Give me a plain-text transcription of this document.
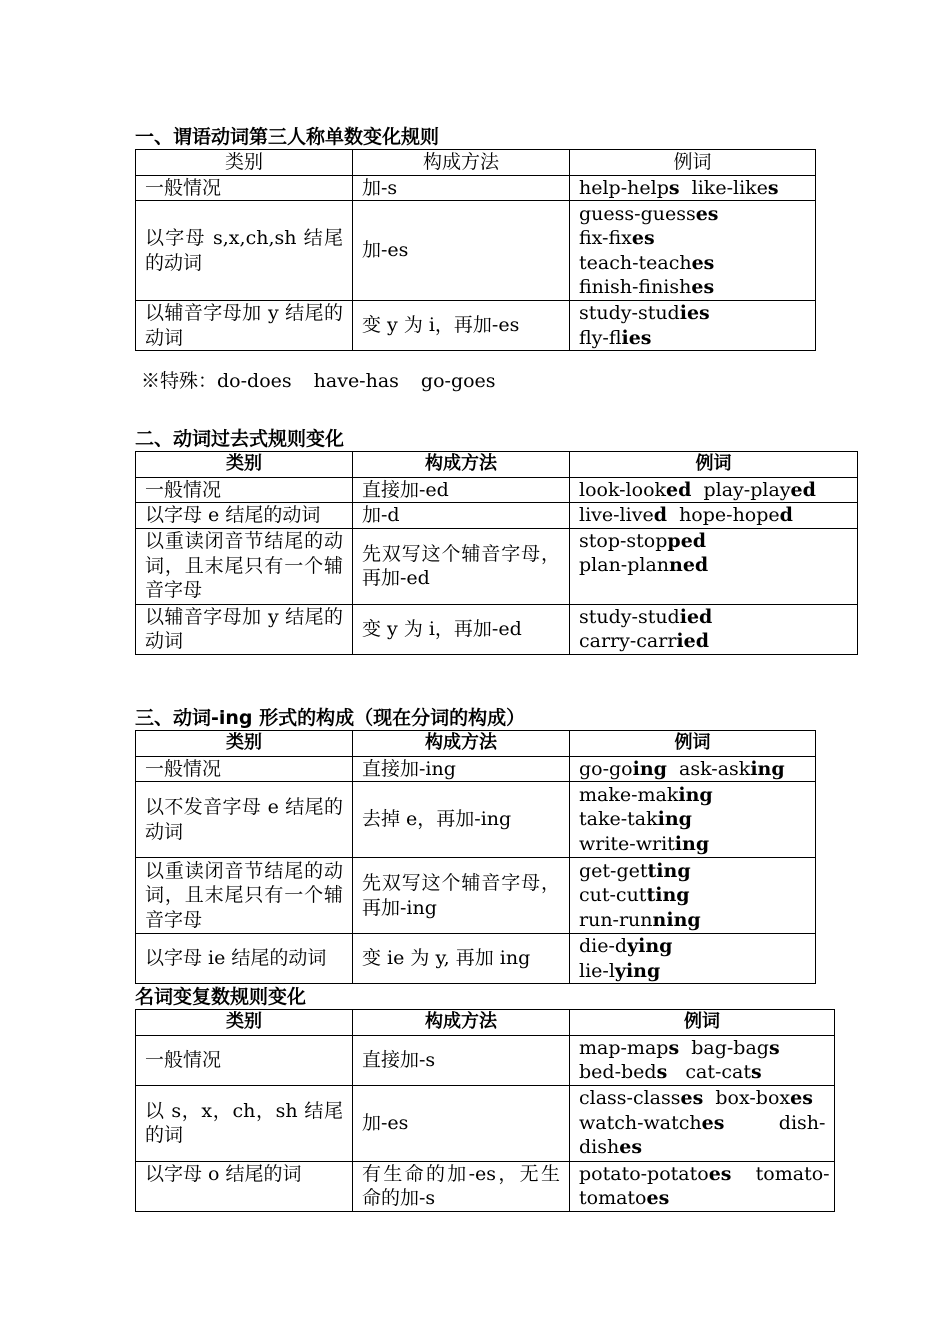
一、谓语动词第三人称单数变化规则

类别	构成方法	例词
一般情况	加-s	help-helps  like-likes

以字母 s,x,ch,sh 结尾的动词	加-es	guess-guesses
fix-fixes
teach-teaches
finish-finishes

以辅音字母加 y 结尾的动词	变 y 为 i，再加-es	study-studies
fly-flies
※特殊：do-does have-has go-goes

二、动词过去式规则变化

类别	构成方法	例词
一般情况	直接加-ed	look-looked  play-played

以字母 e 结尾的动词	加-d	live-lived  hope-hoped

以重读闭音节结尾的动词，且末尾只有一个辅音字母	先双写这个辅音字母，再加-ed	stop-stopped
plan-planned

以辅音字母加 y 结尾的动词	变 y 为 i，再加-ed	study-studied
carry-carried

三、动词-ing 形式的构成（现在分词的构成）

类别	构成方法	例词
一般情况	直接加-ing	go-going  ask-asking

以不发音字母 e 结尾的动词	去掉 e，再加-ing	make-making
take-taking
write-writing

以重读闭音节结尾的动词，且末尾只有一个辅音字母	先双写这个辅音字母，再加-ing	get-getting
cut-cutting
run-running

以字母 ie 结尾的动词	变 ie 为 y, 再加 ing	die-dying
lie-lying

名词变复数规则变化

类别	构成方法	例词
一般情况	直接加-s	map-maps  bag-bags
bed-beds   cat-cats

以 s，x，ch，sh 结尾的词	加-es	class-classes  box-boxes
watch-watches         dish-
dishes

以字母 o 结尾的词	有生命的加-es，无生命的加-s	potato-potatoes    tomato-
tomatoes
